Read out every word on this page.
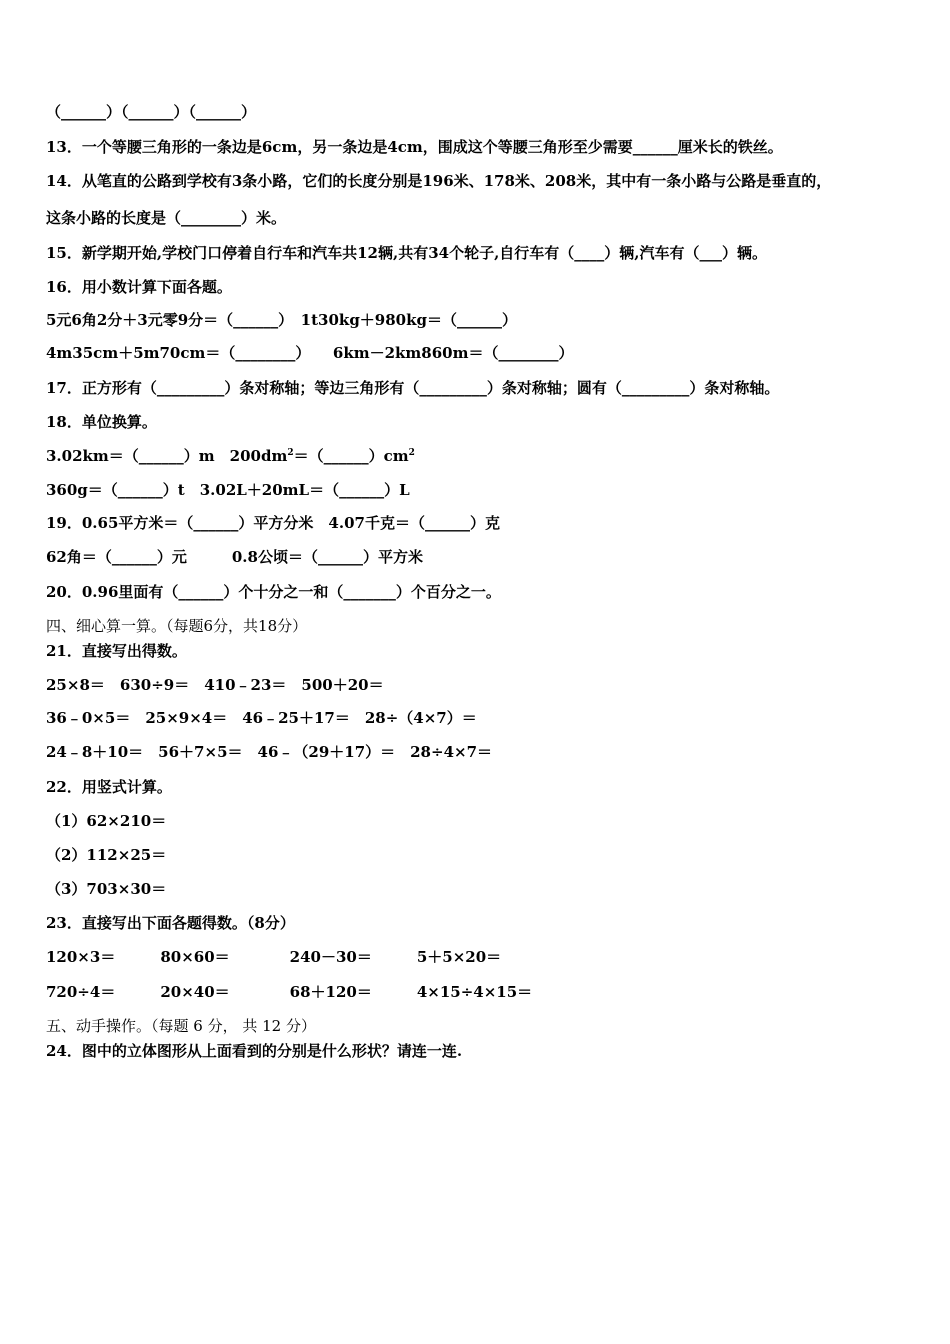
（______）（______）（______）
13．一个等腰三角形的一条边是6cm，另一条边是4cm，围成这个等腰三角形至少需要______厘米长的铁丝。
14．从笔直的公路到学校有3条小路，它们的长度分别是196米、178米、208米，其中有一条小路与公路是垂直的，
这条小路的长度是（________）米。
15．新学期开始,学校门口停着自行车和汽车共12辆,共有34个轮子,自行车有（____）辆,汽车有（___）辆。
16．用小数计算下面各题。
5元6角2分＋3元零9分＝（______）　1t30kg＋980kg＝（______）
4m35cm＋5m70cm＝（________）　　6km－2km860m＝（________）
17．正方形有（_________）条对称轴；等边三角形有（_________）条对称轴；圆有（_________）条对称轴。
18．单位换算。
3.02km＝（______）m　$200dm^2=(\_\_\_\_\_\_)cm^2$
360g＝（______）t　3.02L＋20mL＝（______）L
19．0.65平方米＝（______）平方分米　4.07千克＝（______）克
62角＝（______）元　　　0.8公顷＝（______）平方米
20．0.96里面有（______）个十分之一和（_______）个百分之一。
四、细心算一算。（每题6分，共18分）
21．直接写出得数。
25×8＝　630÷9＝　410﹣23＝　500＋20＝
36﹣0×5＝　25×9×4＝　46﹣25＋17＝　28÷（4×7）＝
24﹣8＋10＝　56＋7×5＝　46﹣（29＋17）＝　28÷4×7＝
22．用竖式计算。
（1）62×210＝
（2）112×25＝
（3）703×30＝
23．直接写出下面各题得数。（8分）
120×3＝　　　80×60＝　　　　240－30＝　　　5＋5×20＝
720÷4＝　　　20×40＝　　　　68＋120＝　　　4×15÷4×15＝
五、动手操作。（每题 6 分， 共 12 分）
24．图中的立体图形从上面看到的分别是什么形状？请连一连.
